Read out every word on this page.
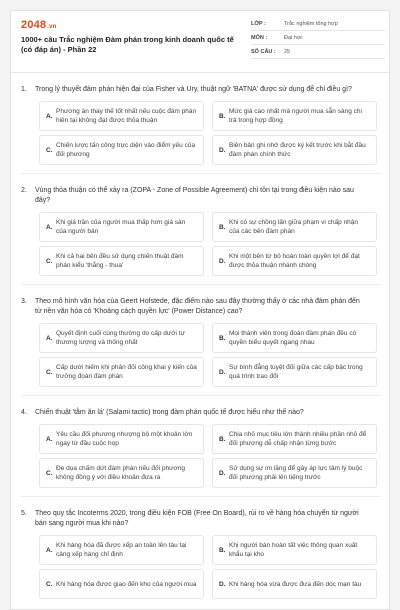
2048.vn
1000+ câu Trắc nghiệm Đàm phán trong kinh doanh quốc tế (có đáp án) - Phần 22
LỚP :	Trắc nghiệm tổng hợp
MÔN :	Đại học
SỐ CÂU :	25
1.	Trong lý thuyết đàm phán hiện đại của Fisher và Ury, thuật ngữ 'BATNA' được sử dụng để chỉ điều gì?
A.
Phương án thay thế tốt nhất nếu cuộc đàm phán hiện tại không đạt được thỏa thuận
B.
Mức giá cao nhất mà người mua sẵn sàng chi trả trong hợp đồng
C.
Chiến lược tấn công trực diện vào điểm yếu của đối phương
D.
Biên bản ghi nhớ được ký kết trước khi bắt đầu đàm phán chính thức
2.	Vùng thỏa thuận có thể xảy ra (ZOPA - Zone of Possible Agreement) chỉ tồn tại trong điều kiện nào sau đây?
A.
Khi giá trần của người mua thấp hơn giá sàn của người bán
B.
Khi có sự chồng lấn giữa phạm vi chấp nhận của các bên đàm phán
C.
Khi cả hai bên đều sử dụng chiến thuật đàm phán kiểu 'thắng - thua'
D.
Khi một bên từ bỏ hoàn toàn quyền lợi để đạt được thỏa thuận nhanh chóng
3.	Theo mô hình văn hóa của Geert Hofstede, đặc điểm nào sau đây thường thấy ở các nhà đàm phán đến từ nền văn hóa có 'Khoảng cách quyền lực' (Power Distance) cao?
A.
Quyết định cuối cùng thường do cấp dưới tự thương lượng và thống nhất
B.
Mọi thành viên trong đoàn đàm phán đều có quyền biểu quyết ngang nhau
C.
Cấp dưới hiếm khi phản đối công khai ý kiến của trưởng đoàn đàm phán
D.
Sự bình đẳng tuyệt đối giữa các cấp bậc trong quá trình trao đổi
4.	Chiến thuật 'tằm ăn lá' (Salami tactic) trong đàm phán quốc tế được hiểu như thế nào?
A.
Yêu cầu đối phương nhượng bộ một khoản lớn ngay từ đầu cuộc họp
B.
Chia nhỏ mục tiêu lớn thành nhiều phần nhỏ để đối phương dễ chấp nhận từng bước
C.
Đe dọa chấm dứt đàm phán nếu đối phương không đồng ý với điều khoản đưa ra
D.
Sử dụng sự im lặng để gây áp lực tâm lý buộc đối phương phải lên tiếng trước
5.	Theo quy tắc Incoterms 2020, trong điều kiện FOB (Free On Board), rủi ro về hàng hóa chuyển từ người bán sang người mua khi nào?
A.
Khi hàng hóa đã được xếp an toàn lên tàu tại cảng xếp hàng chỉ định
B.
Khi người bán hoàn tất việc thông quan xuất khẩu tại kho
C. Khi hàng hóa được giao đến kho của người mua	D. Khi hàng hóa vừa được đưa đến dọc mạn tàu
